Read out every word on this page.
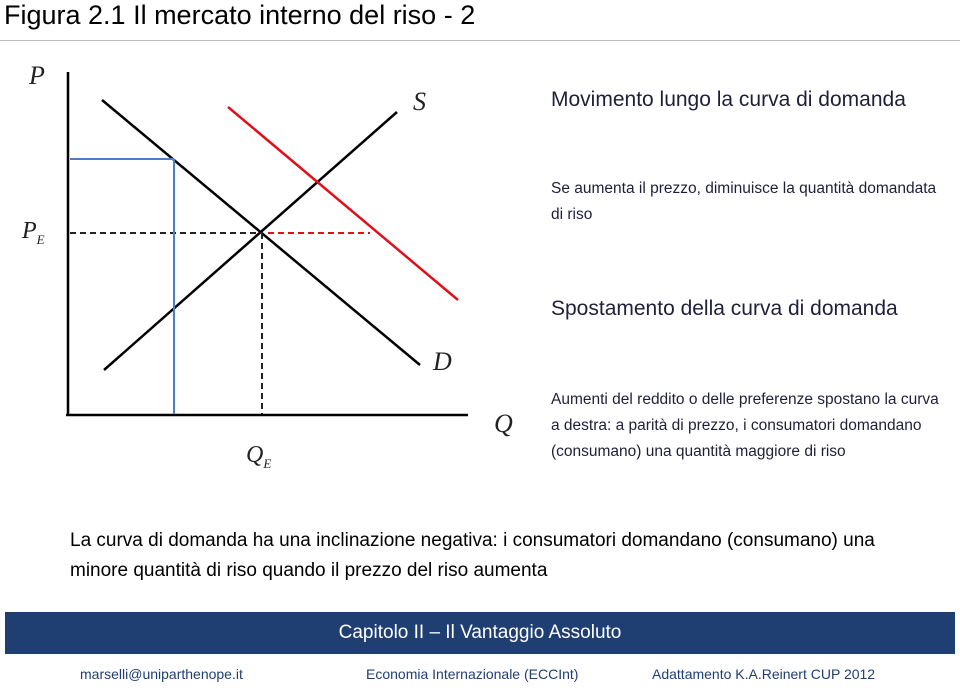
Figura 2.1 Il mercato interno del riso - 2
P
$P_E$
S
D
Q
$Q_E$
Movimento lungo la curva di domanda
Se aumenta il prezzo, diminuisce la quantità domandata di riso
Spostamento della curva di domanda
Aumenti del reddito o delle preferenze spostano la curva a destra: a parità di prezzo, i consumatori domandano (consumano) una quantità maggiore di riso
La curva di domanda ha una inclinazione negativa: i consumatori domandano (consumano) una minore quantità di riso quando il prezzo del riso aumenta
Capitolo II – Il Vantaggio Assoluto
marselli@uniparthenope.it	Economia Internazionale (ECCInt)	Adattamento K.A.Reinert CUP 2012
